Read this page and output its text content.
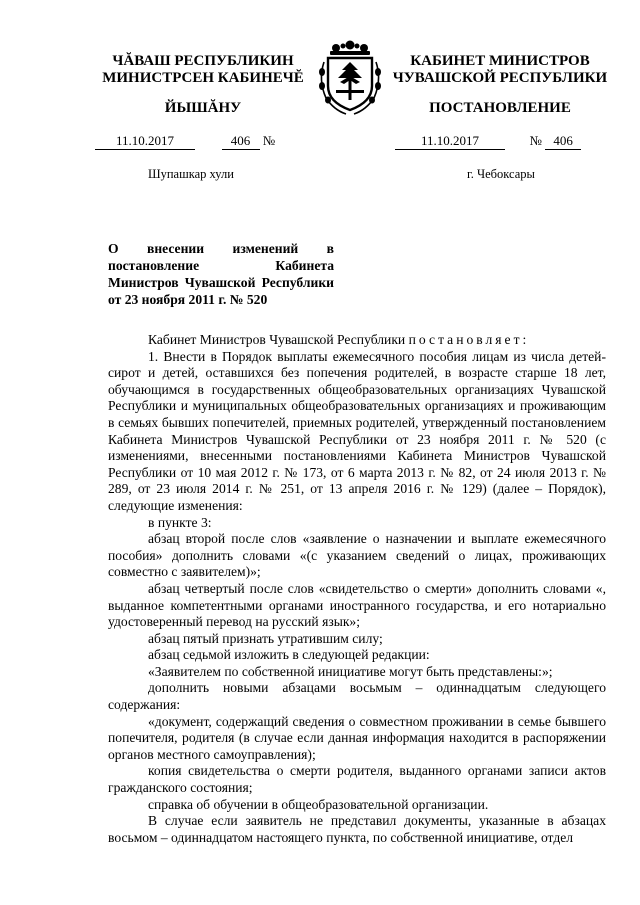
ЧĂВАШ РЕСПУБЛИКИН
МИНИСТРСЕН КАБИНЕЧĔ
ЙЫШĂНУ
КАБИНЕТ МИНИСТРОВ
ЧУВАШСКОЙ РЕСПУБЛИКИ
ПОСТАНОВЛЕНИЕ
11.10.2017	406 №	11.10.2017	№ 406
Шупашкар хули	г. Чебоксары
О внесении изменений в постановление Кабинета Министров Чувашской Республики от 23 ноября 2011 г. № 520

Кабинет Министров Чувашской Республики постановляет:

1. Внести в Порядок выплаты ежемесячного пособия лицам из числа детей-сирот и детей, оставшихся без попечения родителей, в возрасте старше 18 лет, обучающимся в государственных общеобразовательных организациях Чувашской Республики и муниципальных общеобразовательных организациях и проживающим в семьях бывших попечителей, приемных родителей, утвержденный постановлением Кабинета Министров Чувашской Республики от 23 ноября 2011 г. № 520 (с изменениями, внесенными постановлениями Кабинета Министров Чувашской Республики от 10 мая 2012 г. № 173, от 6 марта 2013 г. № 82, от 24 июля 2013 г. № 289, от 23 июля 2014 г. № 251, от 13 апреля 2016 г. № 129) (далее – Порядок), следующие изменения:

в пункте 3:

абзац второй после слов «заявление о назначении и выплате ежемесячного пособия» дополнить словами «(с указанием сведений о лицах, проживающих совместно с заявителем)»;

абзац четвертый после слов «свидетельство о смерти» дополнить словами «, выданное компетентными органами иностранного государства, и его нотариально удостоверенный перевод на русский язык»;

абзац пятый признать утратившим силу;

абзац седьмой изложить в следующей редакции:

«Заявителем по собственной инициативе могут быть представлены:»;

дополнить новыми абзацами восьмым – одиннадцатым следующего содержания:

«документ, содержащий сведения о совместном проживании в семье бывшего попечителя, родителя (в случае если данная информация находится в распоряжении органов местного самоуправления);

копия свидетельства о смерти родителя, выданного органами записи актов гражданского состояния;

справка об обучении в общеобразовательной организации.

В случае если заявитель не представил документы, указанные в абзацах восьмом – одиннадцатом настоящего пункта, по собственной инициативе, отдел
